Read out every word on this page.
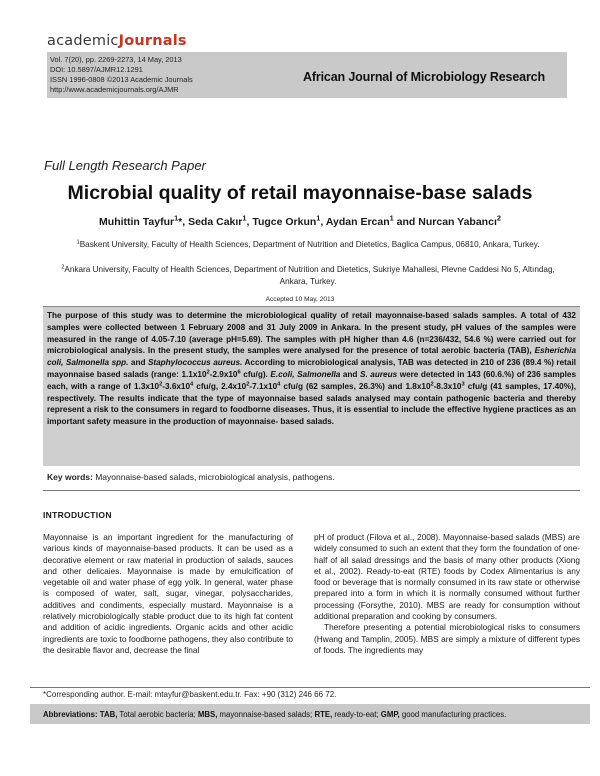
academicJournals
Vol. 7(20), pp. 2269-2273, 14 May, 2013
DOI: 10.5897/AJMR12.1291
ISSN 1996-0808 ©2013 Academic Journals
http://www.academicjournals.org/AJMR
African Journal of Microbiology Research
Full Length Research Paper
Microbial quality of retail mayonnaise-base salads
Muhittin Tayfur$^1$*, Seda Cakır$^1$, Tugce Orkun$^1$, Aydan Ercan$^1$ and Nurcan Yabancı$^2$
$^1$Baskent University, Faculty of Health Sciences, Department of Nutrition and Dietetics, Baglica Campus, 06810, Ankara, Turkey.
$^2$Ankara University, Faculty of Health Sciences, Department of Nutrition and Dietetics, Sukriye Mahallesi, Plevne Caddesi No 5, Altındag, Ankara, Turkey.
Accepted 10 May, 2013
The purpose of this study was to determine the microbiological quality of retail mayonnaise-based salads samples. A total of 432 samples were collected between 1 February 2008 and 31 July 2009 in Ankara. In the present study, pH values of the samples were measured in the range of 4.05-7.10 (average pH=5.69). The samples with pH higher than 4.6 (n=236/432, 54.6 %) were carried out for microbiological analysis. In the present study, the samples were analysed for the presence of total aerobic bacteria (TAB), Esherichia coli, Salmonella spp. and Staphylococcus aureus. According to microbiological analysis, TAB was detected in 210 of 236 (89.4 %) retail mayonnaise based salads (range: $1.1x10^2-2.9x10^6$ cfu/g). E.coli, Salmonella and S. aureus were detected in 143 (60.6.%) of 236 samples each, with a range of $1.3x10^2-3.6x10^4$ cfu/g, $2.4x10^2-7.1x10^4$ cfu/g (62 samples, 26.3%) and $1.8x10^2-8.3x10^3$ cfu/g (41 samples, 17.40%), respectively. The results indicate that the type of mayonnaise based salads analysed may contain pathogenic bacteria and thereby represent a risk to the consumers in regard to foodborne diseases. Thus, it is essential to include the effective hygiene practices as an important safety measure in the production of mayonnaise- based salads.
Key words: Mayonnaise-based salads, microbiological analysis, pathogens.
INTRODUCTION

Mayonnaise is an important ingredient for the manufacturing of various kinds of mayonnaise-based products. It can be used as a decorative element or raw material in production of salads, sauces and other delicaies. Mayonnaise is made by emulcification of vegetable oil and water phase of egg yolk. In general, water phase is composed of water, salt, sugar, vinegar, polysaccharides, additives and condiments, especially mustard. Mayonnaise is a relatively microbiologically stable product due to its high fat content and addition of acidic ingredients. Organic acids and other acidic ingredients are toxic to foodborne pathogens, they also contribute to the desirable flavor and, decrease the final

pH of product (Filova et al., 2008). Mayonnaise-based salads (MBS) are widely consumed to such an extent that they form the foundation of one-half of all salad dressings and the basis of many other products (Xiong et al., 2002). Ready-to-eat (RTE) foods by Codex Alimentarius is any food or beverage that is normally consumed in its raw state or otherwise prepared into a form in which it is normally consumed without further processing (Forsythe, 2010). MBS are ready for consumption without additional preparation and cooking by consumers.

Therefore presenting a potential microbiological risks to consumers (Hwang and Tamplin, 2005). MBS are simply a mixture of different types of foods. The ingredients may

*Corresponding author. E-mail: mtayfur@baskent.edu.tr. Fax: +90 (312) 246 66 72.
Abbreviations: TAB, Total aerobic bacteria; MBS, mayonnaise-based salads; RTE, ready-to-eat; GMP, good manufacturing practices.
